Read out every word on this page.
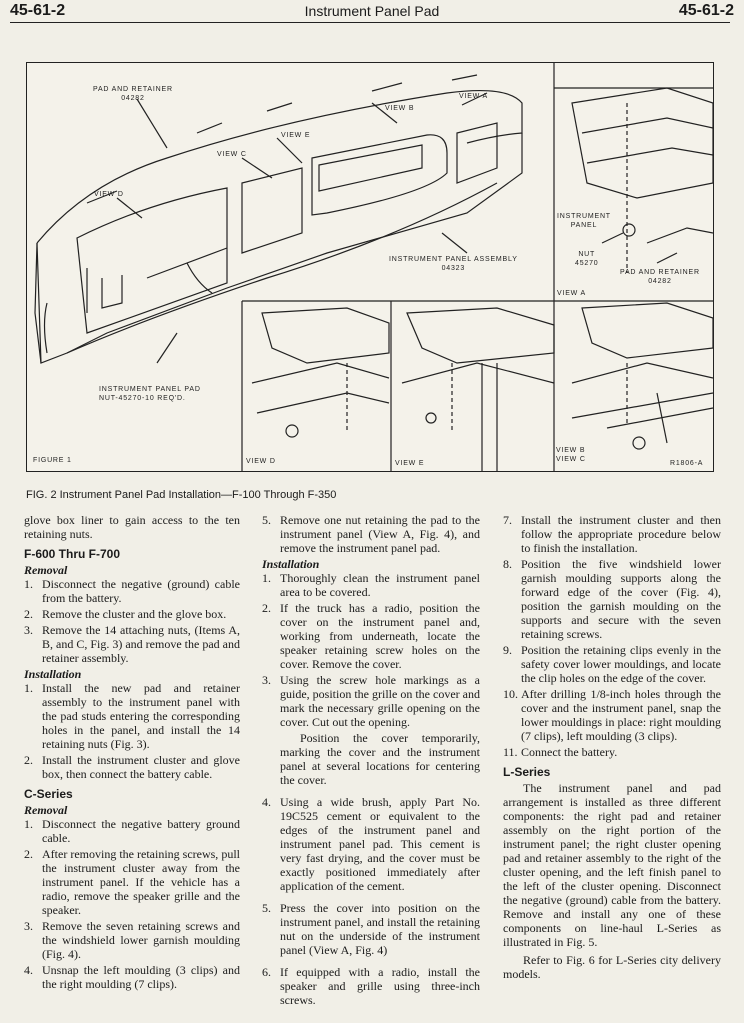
45-61-2	Instrument Panel Pad	45-61-2
PAD AND RETAINER
04282	VIEW A
VIEW B
VIEW E
VIEW C
VIEW D
INSTRUMENT PANEL ASSEMBLY
04323
INSTRUMENT PANEL PAD
NUT-45270-10 REQ'D.
INSTRUMENT
PANEL
NUT
45270
PAD AND RETAINER
04282
VIEW A
FIGURE 1	VIEW D	VIEW E
VIEW B
VIEW C
R1806-A
FIG. 2 Instrument Panel Pad Installation—F-100 Through F-350

glove box liner to gain access to the ten retaining nuts.

F-600 Thru F-700
Removal
1. Disconnect the negative (ground) cable from the battery.
2. Remove the cluster and the glove box.
3. Remove the 14 attaching nuts, (Items A, B, and C, Fig. 3) and remove the pad and retainer assembly.
Installation
1. Install the new pad and retainer assembly to the instrument panel with the pad studs entering the corresponding holes in the panel, and install the 14 retaining nuts (Fig. 3).
2. Install the instrument cluster and glove box, then connect the battery cable.
C-Series
Removal
1. Disconnect the negative battery ground cable.
2. After removing the retaining screws, pull the instrument cluster away from the instrument panel. If the vehicle has a radio, remove the speaker grille and the speaker.
3. Remove the seven retaining screws and the windshield lower garnish moulding (Fig. 4).
4. Unsnap the left moulding (3 clips) and the right moulding (7 clips).
5. Remove one nut retaining the pad to the instrument panel (View A, Fig. 4), and remove the instrument panel pad.
Installation
1. Thoroughly clean the instrument panel area to be covered.
2. If the truck has a radio, position the cover on the instrument panel and, working from underneath, locate the speaker retaining screw holes on the cover. Remove the cover.
3. Using the screw hole markings as a guide, position the grille on the cover and mark the necessary grille opening on the cover. Cut out the opening.

Position the cover temporarily, marking the cover and the instrument panel at several locations for centering the cover.

4. Using a wide brush, apply Part No. 19C525 cement or equivalent to the edges of the instrument panel and instrument panel pad. This cement is very fast drying, and the cover must be exactly positioned immediately after application of the cement.
5. Press the cover into position on the instrument panel, and install the retaining nut on the underside of the instrument panel (View A, Fig. 4)
6. If equipped with a radio, install the speaker and grille using three-inch screws.
7. Install the instrument cluster and then follow the appropriate procedure below to finish the installation.
8. Position the five windshield lower garnish moulding supports along the forward edge of the cover (Fig. 4), position the garnish moulding on the supports and secure with the seven retaining screws.
9. Position the retaining clips evenly in the safety cover lower mouldings, and locate the clip holes on the edge of the cover.
10. After drilling 1/8-inch holes through the cover and the instrument panel, snap the lower mouldings in place: right moulding (7 clips), left moulding (3 clips).
11. Connect the battery.
L-Series

The instrument panel and pad arrangement is installed as three different components: the right pad and retainer assembly on the right portion of the instrument panel; the right cluster opening pad and retainer assembly to the right of the cluster opening, and the left finish panel to the left of the cluster opening. Disconnect the negative (ground) cable from the battery. Remove and install any one of these components on line-haul L-Series as illustrated in Fig. 5.

Refer to Fig. 6 for L-Series city delivery models.
